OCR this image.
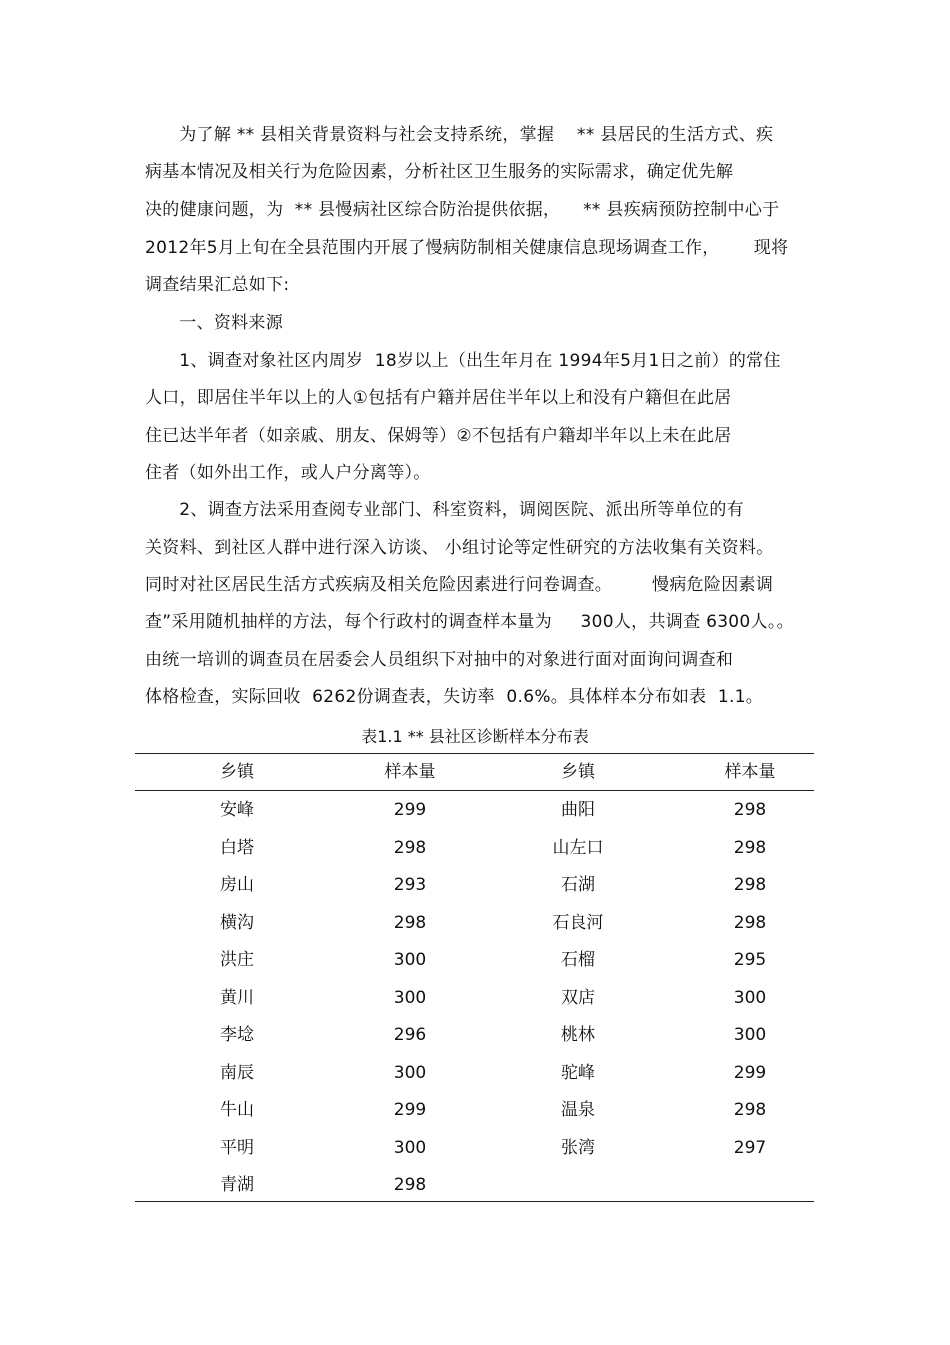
为了解 ** 县相关背景资料与社会支持系统，掌握    ** 县居民的生活方式、疾
病基本情况及相关行为危险因素，分析社区卫生服务的实际需求，确定优先解
决的健康问题，为  ** 县慢病社区综合防治提供依据，    ** 县疾病预防控制中心于
2012年5月上旬在全县范围内开展了慢病防制相关健康信息现场调查工作，      现将
调查结果汇总如下:
一、资料来源
1、调查对象社区内周岁  18岁以上（出生年月在 1994年5月1日之前）的常住
人口，即居住半年以上的人①包括有户籍并居住半年以上和没有户籍但在此居
住已达半年者（如亲戚、朋友、保姆等）②不包括有户籍却半年以上未在此居
住者（如外出工作，或人户分离等）。
2、调查方法采用查阅专业部门、科室资料，调阅医院、派出所等单位的有
关资料、到社区人群中进行深入访谈、 小组讨论等定性研究的方法收集有关资料。
同时对社区居民生活方式疾病及相关危险因素进行问卷调查。       慢病危险因素调
查”采用随机抽样的方法，每个行政村的调查样本量为     300人，共调查 6300人。。
由统一培训的调查员在居委会人员组织下对抽中的对象进行面对面询问调查和
体格检查，实际回收  6262份调查表，失访率  0.6%。具体样本分布如表  1.1。
表1.1 ** 县社区诊断样本分布表
乡镇	样本量	乡镇	样本量
安峰	299	曲阳	298
白塔	298	山左口	298
房山	293	石湖	298
横沟	298	石良河	298
洪庄	300	石榴	295
黄川	300	双店	300
李埝	296	桃林	300
南辰	300	驼峰	299
牛山	299	温泉	298
平明	300	张湾	297
青湖	298
